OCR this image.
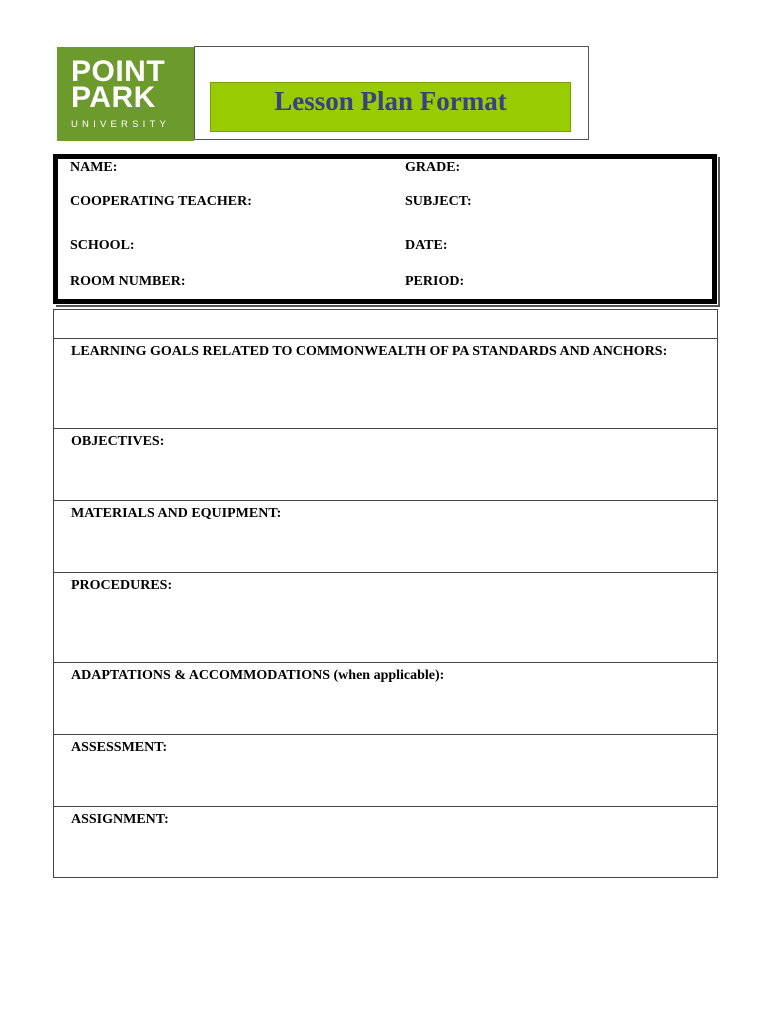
POINT
PARK
UNIVERSITY
Lesson Plan Format
NAME:	GRADE:
COOPERATING TEACHER:	SUBJECT:
SCHOOL:	DATE:
ROOM NUMBER:	PERIOD:
LEARNING GOALS RELATED TO COMMONWEALTH OF PA STANDARDS AND ANCHORS:
OBJECTIVES:
MATERIALS AND EQUIPMENT:
PROCEDURES:
ADAPTATIONS & ACCOMMODATIONS (when applicable):
ASSESSMENT:
ASSIGNMENT:
